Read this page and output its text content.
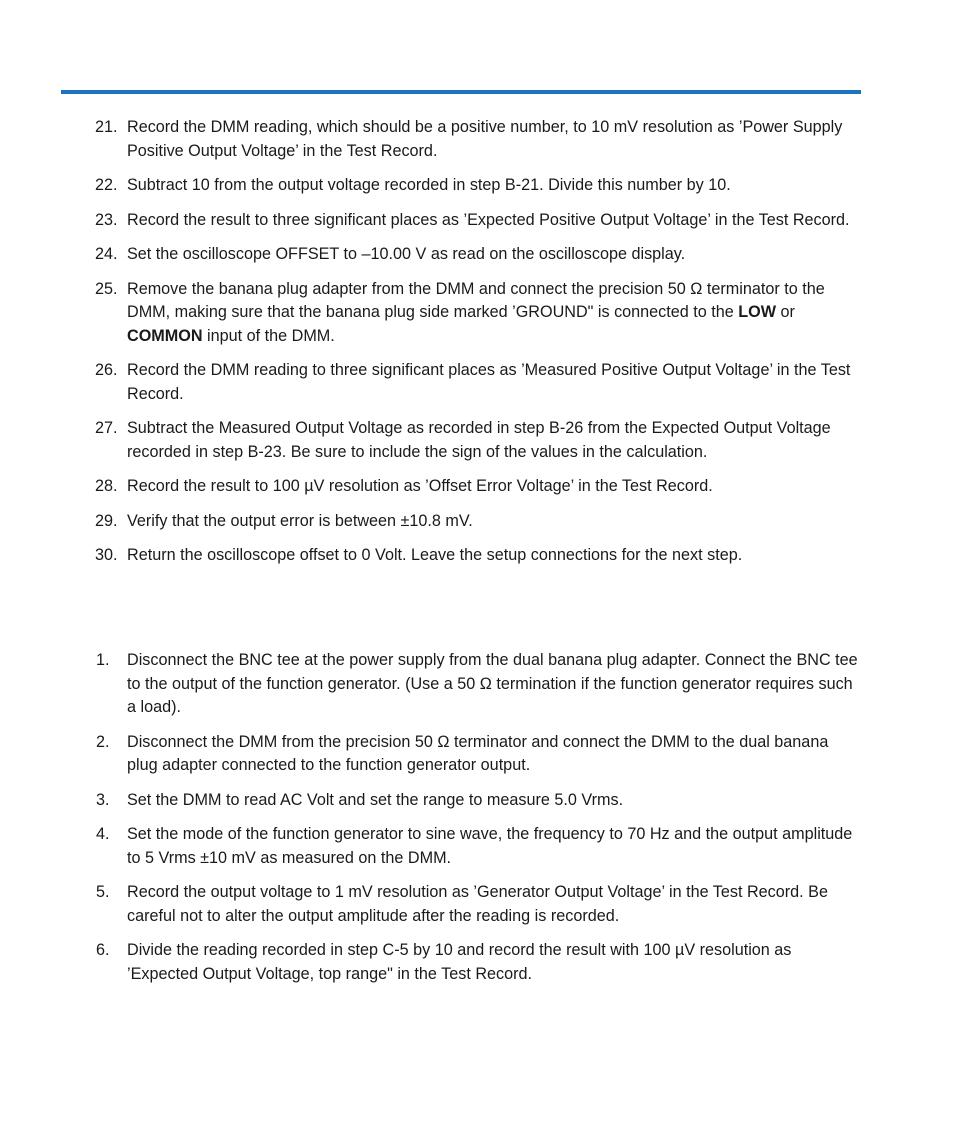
21. Record the DMM reading, which should be a positive number, to 10 mV resolution as ’Power Supply Positive Output Voltage’ in the Test Record.
22. Subtract 10 from the output voltage recorded in step B-21. Divide this number by 10.
23. Record the result to three significant places as ’Expected Positive Output Voltage’ in the Test Record.
24. Set the oscilloscope OFFSET to –10.00 V as read on the oscilloscope display.
25. Remove the banana plug adapter from the DMM and connect the precision 50 Ω terminator to the DMM, making sure that the banana plug side marked ’GROUND" is connected to the LOW or COMMON input of the DMM.
26. Record the DMM reading to three significant places as ’Measured Positive Output Voltage’ in the Test Record.
27. Subtract the Measured Output Voltage as recorded in step B-26 from the Expected Output Voltage recorded in step B-23. Be sure to include the sign of the values in the calculation.
28. Record the result to 100 µV resolution as ’Offset Error Voltage’ in the Test Record.
29. Verify that the output error is between ±10.8 mV.
30. Return the oscilloscope offset to 0 Volt. Leave the setup connections for the next step.
1. Disconnect the BNC tee at the power supply from the dual banana plug adapter. Connect the BNC tee to the output of the function generator. (Use a 50 Ω termination if the function generator requires such a load).
2. Disconnect the DMM from the precision 50 Ω terminator and connect the DMM to the dual banana plug adapter connected to the function generator output.
3. Set the DMM to read AC Volt and set the range to measure 5.0 Vrms.
4. Set the mode of the function generator to sine wave, the frequency to 70 Hz and the output amplitude to 5 Vrms ±10 mV as measured on the DMM.
5. Record the output voltage to 1 mV resolution as ’Generator Output Voltage’ in the Test Record. Be careful not to alter the output amplitude after the reading is recorded.
6. Divide the reading recorded in step C-5 by 10 and record the result with 100 µV resolution as ’Expected Output Voltage, top range" in the Test Record.
